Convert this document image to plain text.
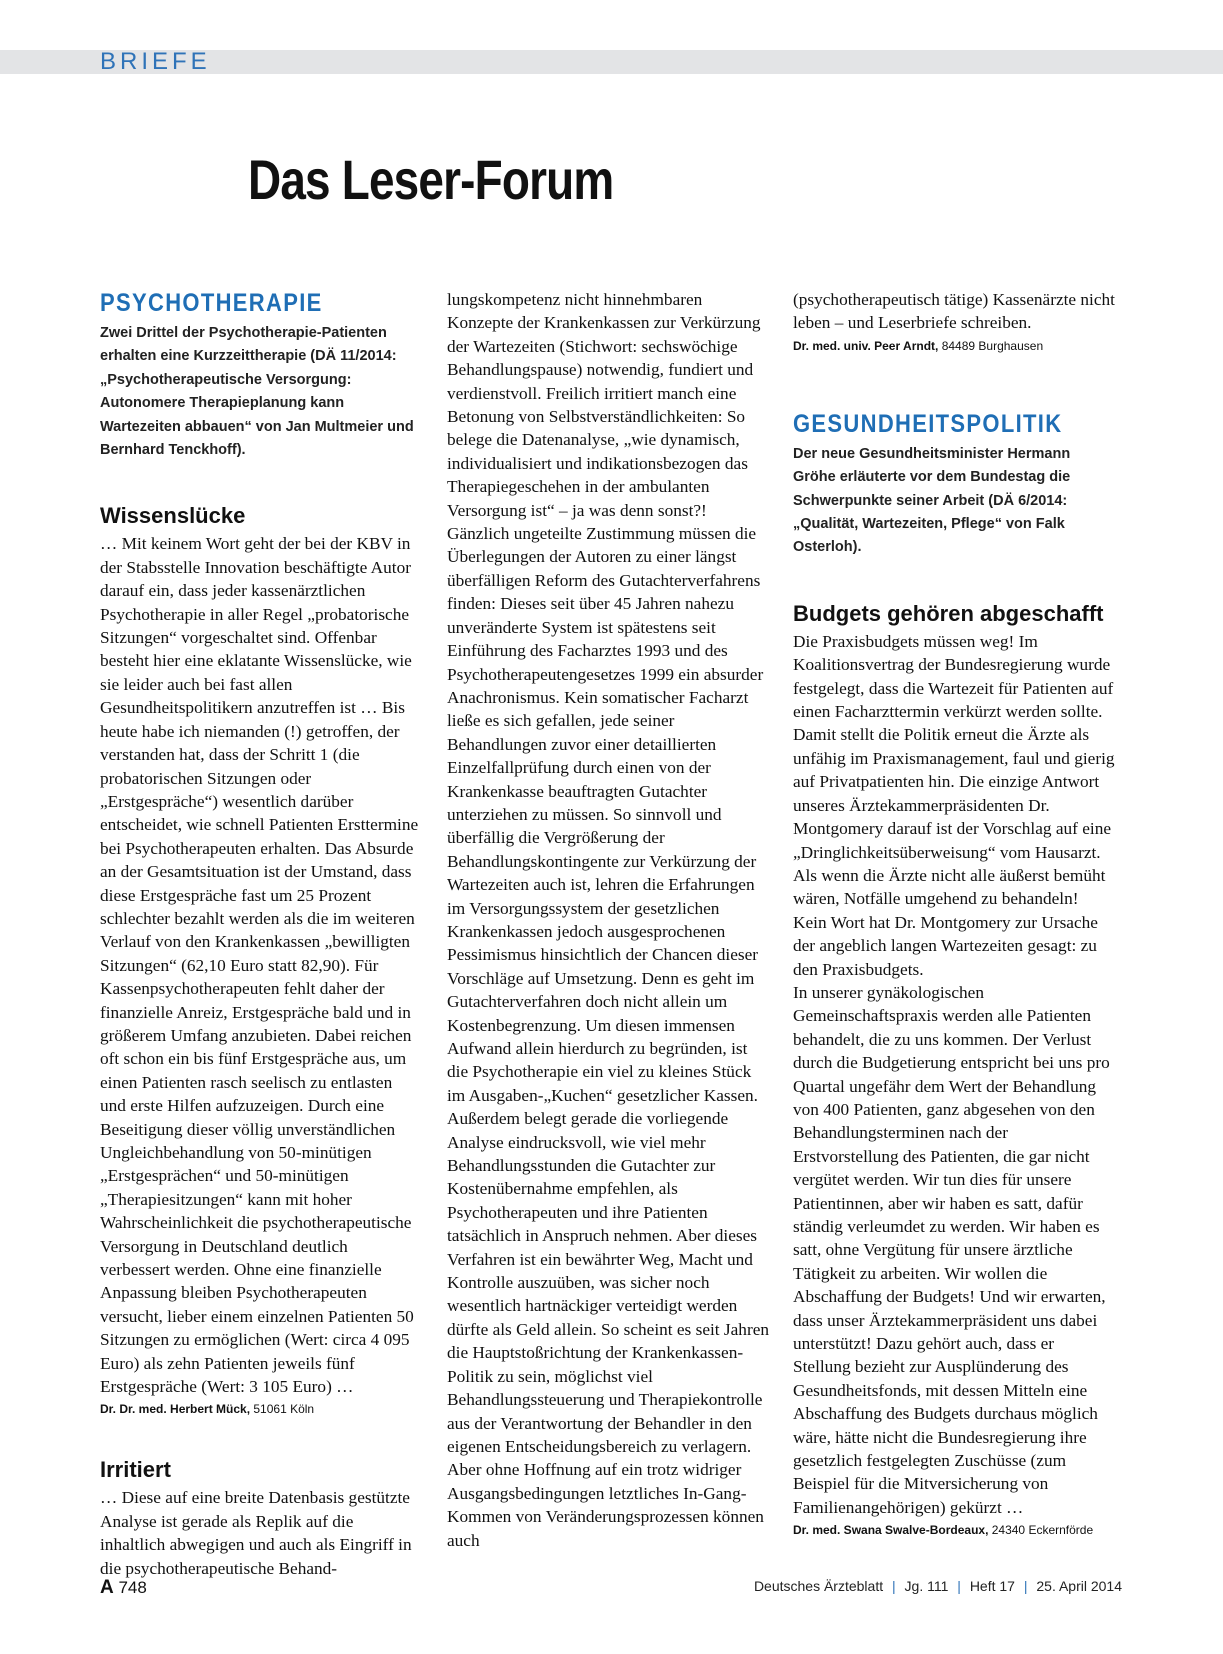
BRIEFE
Das Leser-Forum
PSYCHOTHERAPIE

Zwei Drittel der Psychotherapie-Patienten erhalten eine Kurzzeittherapie (DÄ 11/2014: „Psychotherapeutische Versorgung: Autonomere Therapieplanung kann Wartezeiten abbauen“ von Jan Multmeier und Bernhard Tenckhoff).

Wissenslücke

… Mit keinem Wort geht der bei der KBV in der Stabsstelle Innovation beschäftigte Autor darauf ein, dass jeder kassenärztlichen Psychotherapie in aller Regel „probatorische Sitzungen“ vorgeschaltet sind. Offenbar besteht hier eine eklatante Wissenslücke, wie sie leider auch bei fast allen Gesundheitspolitikern anzutreffen ist … Bis heute habe ich niemanden (!) getroffen, der verstanden hat, dass der Schritt 1 (die probatorischen Sitzungen oder „Erstgespräche“) wesentlich darüber entscheidet, wie schnell Patienten Ersttermine bei Psychotherapeuten erhalten. Das Absurde an der Gesamtsituation ist der Umstand, dass diese Erstgespräche fast um 25 Prozent schlechter bezahlt werden als die im weiteren Verlauf von den Krankenkassen „bewilligten Sitzungen“ (62,10 Euro statt 82,90). Für Kassenpsychotherapeuten fehlt daher der finanzielle Anreiz, Erstgespräche bald und in größerem Umfang anzubieten. Dabei reichen oft schon ein bis fünf Erstgespräche aus, um einen Patienten rasch seelisch zu entlasten und erste Hilfen aufzuzeigen. Durch eine Beseitigung dieser völlig unverständlichen Ungleichbehandlung von 50-minütigen „Erstgesprächen“ und 50-minütigen „Therapiesitzungen“ kann mit hoher Wahrscheinlichkeit die psychotherapeutische Versorgung in Deutschland deutlich verbessert werden. Ohne eine finanzielle Anpassung bleiben Psychotherapeuten versucht, lieber einem einzelnen Patienten 50 Sitzungen zu ermöglichen (Wert: circa 4 095 Euro) als zehn Patienten jeweils fünf Erstgespräche (Wert: 3 105 Euro) …

Dr. Dr. med. Herbert Mück, 51061 Köln

Irritiert

… Diese auf eine breite Datenbasis gestützte Analyse ist gerade als Replik auf die inhaltlich abwegigen und auch als Eingriff in die psychotherapeutische Behand-

lungskompetenz nicht hinnehmbaren Konzepte der Krankenkassen zur Verkürzung der Wartezeiten (Stichwort: sechswöchige Behandlungspause) notwendig, fundiert und verdienstvoll. Freilich irritiert manch eine Betonung von Selbstverständlichkeiten: So belege die Datenanalyse, „wie dynamisch, individualisiert und indikationsbezogen das Therapiegeschehen in der ambulanten Versorgung ist“ – ja was denn sonst?! Gänzlich ungeteilte Zustimmung müssen die Überlegungen der Autoren zu einer längst überfälligen Reform des Gutachterverfahrens finden: Dieses seit über 45 Jahren nahezu unveränderte System ist spätestens seit Einführung des Facharztes 1993 und des Psychotherapeutengesetzes 1999 ein absurder Anachronismus. Kein somatischer Facharzt ließe es sich gefallen, jede seiner Behandlungen zuvor einer detaillierten Einzelfallprüfung durch einen von der Krankenkasse beauftragten Gutachter unterziehen zu müssen. So sinnvoll und überfällig die Vergrößerung der Behandlungskontingente zur Verkürzung der Wartezeiten auch ist, lehren die Erfahrungen im Versorgungssystem der gesetzlichen Krankenkassen jedoch ausgesprochenen Pessimismus hinsichtlich der Chancen dieser Vorschläge auf Umsetzung. Denn es geht im Gutachterverfahren doch nicht allein um Kostenbegrenzung. Um diesen immensen Aufwand allein hierdurch zu begründen, ist die Psychotherapie ein viel zu kleines Stück im Ausgaben-„Kuchen“ gesetzlicher Kassen. Außerdem belegt gerade die vorliegende Analyse eindrucksvoll, wie viel mehr Behandlungsstunden die Gutachter zur Kostenübernahme empfehlen, als Psychotherapeuten und ihre Patienten tatsächlich in Anspruch nehmen. Aber dieses Verfahren ist ein bewährter Weg, Macht und Kontrolle auszuüben, was sicher noch wesentlich hartnäckiger verteidigt werden dürfte als Geld allein. So scheint es seit Jahren die Hauptstoßrichtung der Krankenkassen-Politik zu sein, möglichst viel Behandlungssteuerung und Therapiekontrolle aus der Verantwortung der Behandler in den eigenen Entscheidungsbereich zu verlagern. Aber ohne Hoffnung auf ein trotz widriger Ausgangsbedingungen letztliches In-Gang-Kommen von Veränderungsprozessen können auch

(psychotherapeutisch tätige) Kassenärzte nicht leben – und Leserbriefe schreiben.

Dr. med. univ. Peer Arndt, 84489 Burghausen

GESUNDHEITSPOLITIK

Der neue Gesundheitsminister Hermann Gröhe erläuterte vor dem Bundestag die Schwerpunkte seiner Arbeit (DÄ 6/2014: „Qualität, Wartezeiten, Pflege“ von Falk Osterloh).

Budgets gehören abgeschafft

Die Praxisbudgets müssen weg! Im Koalitionsvertrag der Bundesregierung wurde festgelegt, dass die Wartezeit für Patienten auf einen Facharzttermin verkürzt werden sollte. Damit stellt die Politik erneut die Ärzte als unfähig im Praxismanagement, faul und gierig auf Privatpatienten hin. Die einzige Antwort unseres Ärztekammerpräsidenten Dr. Montgomery darauf ist der Vorschlag auf eine „Dringlichkeitsüberweisung“ vom Hausarzt. Als wenn die Ärzte nicht alle äußerst bemüht wären, Notfälle umgehend zu behandeln! Kein Wort hat Dr. Montgomery zur Ursache der angeblich langen Wartezeiten gesagt: zu den Praxisbudgets.

In unserer gynäkologischen Gemeinschaftspraxis werden alle Patienten behandelt, die zu uns kommen. Der Verlust durch die Budgetierung entspricht bei uns pro Quartal ungefähr dem Wert der Behandlung von 400 Patienten, ganz abgesehen von den Behandlungsterminen nach der Erstvorstellung des Patienten, die gar nicht vergütet werden. Wir tun dies für unsere Patientinnen, aber wir haben es satt, dafür ständig verleumdet zu werden. Wir haben es satt, ohne Vergütung für unsere ärztliche Tätigkeit zu arbeiten. Wir wollen die Abschaffung der Budgets! Und wir erwarten, dass unser Ärztekammerpräsident uns dabei unterstützt! Dazu gehört auch, dass er Stellung bezieht zur Ausplünderung des Gesundheitsfonds, mit dessen Mitteln eine Abschaffung des Budgets durchaus möglich wäre, hätte nicht die Bundesregierung ihre gesetzlich festgelegten Zuschüsse (zum Beispiel für die Mitversicherung von Familienangehörigen) gekürzt …

Dr. med. Swana Swalve-Bordeaux, 24340 Eckernförde

A 748	Deutsches Ärzteblatt | Jg. 111 | Heft 17 | 25. April 2014
